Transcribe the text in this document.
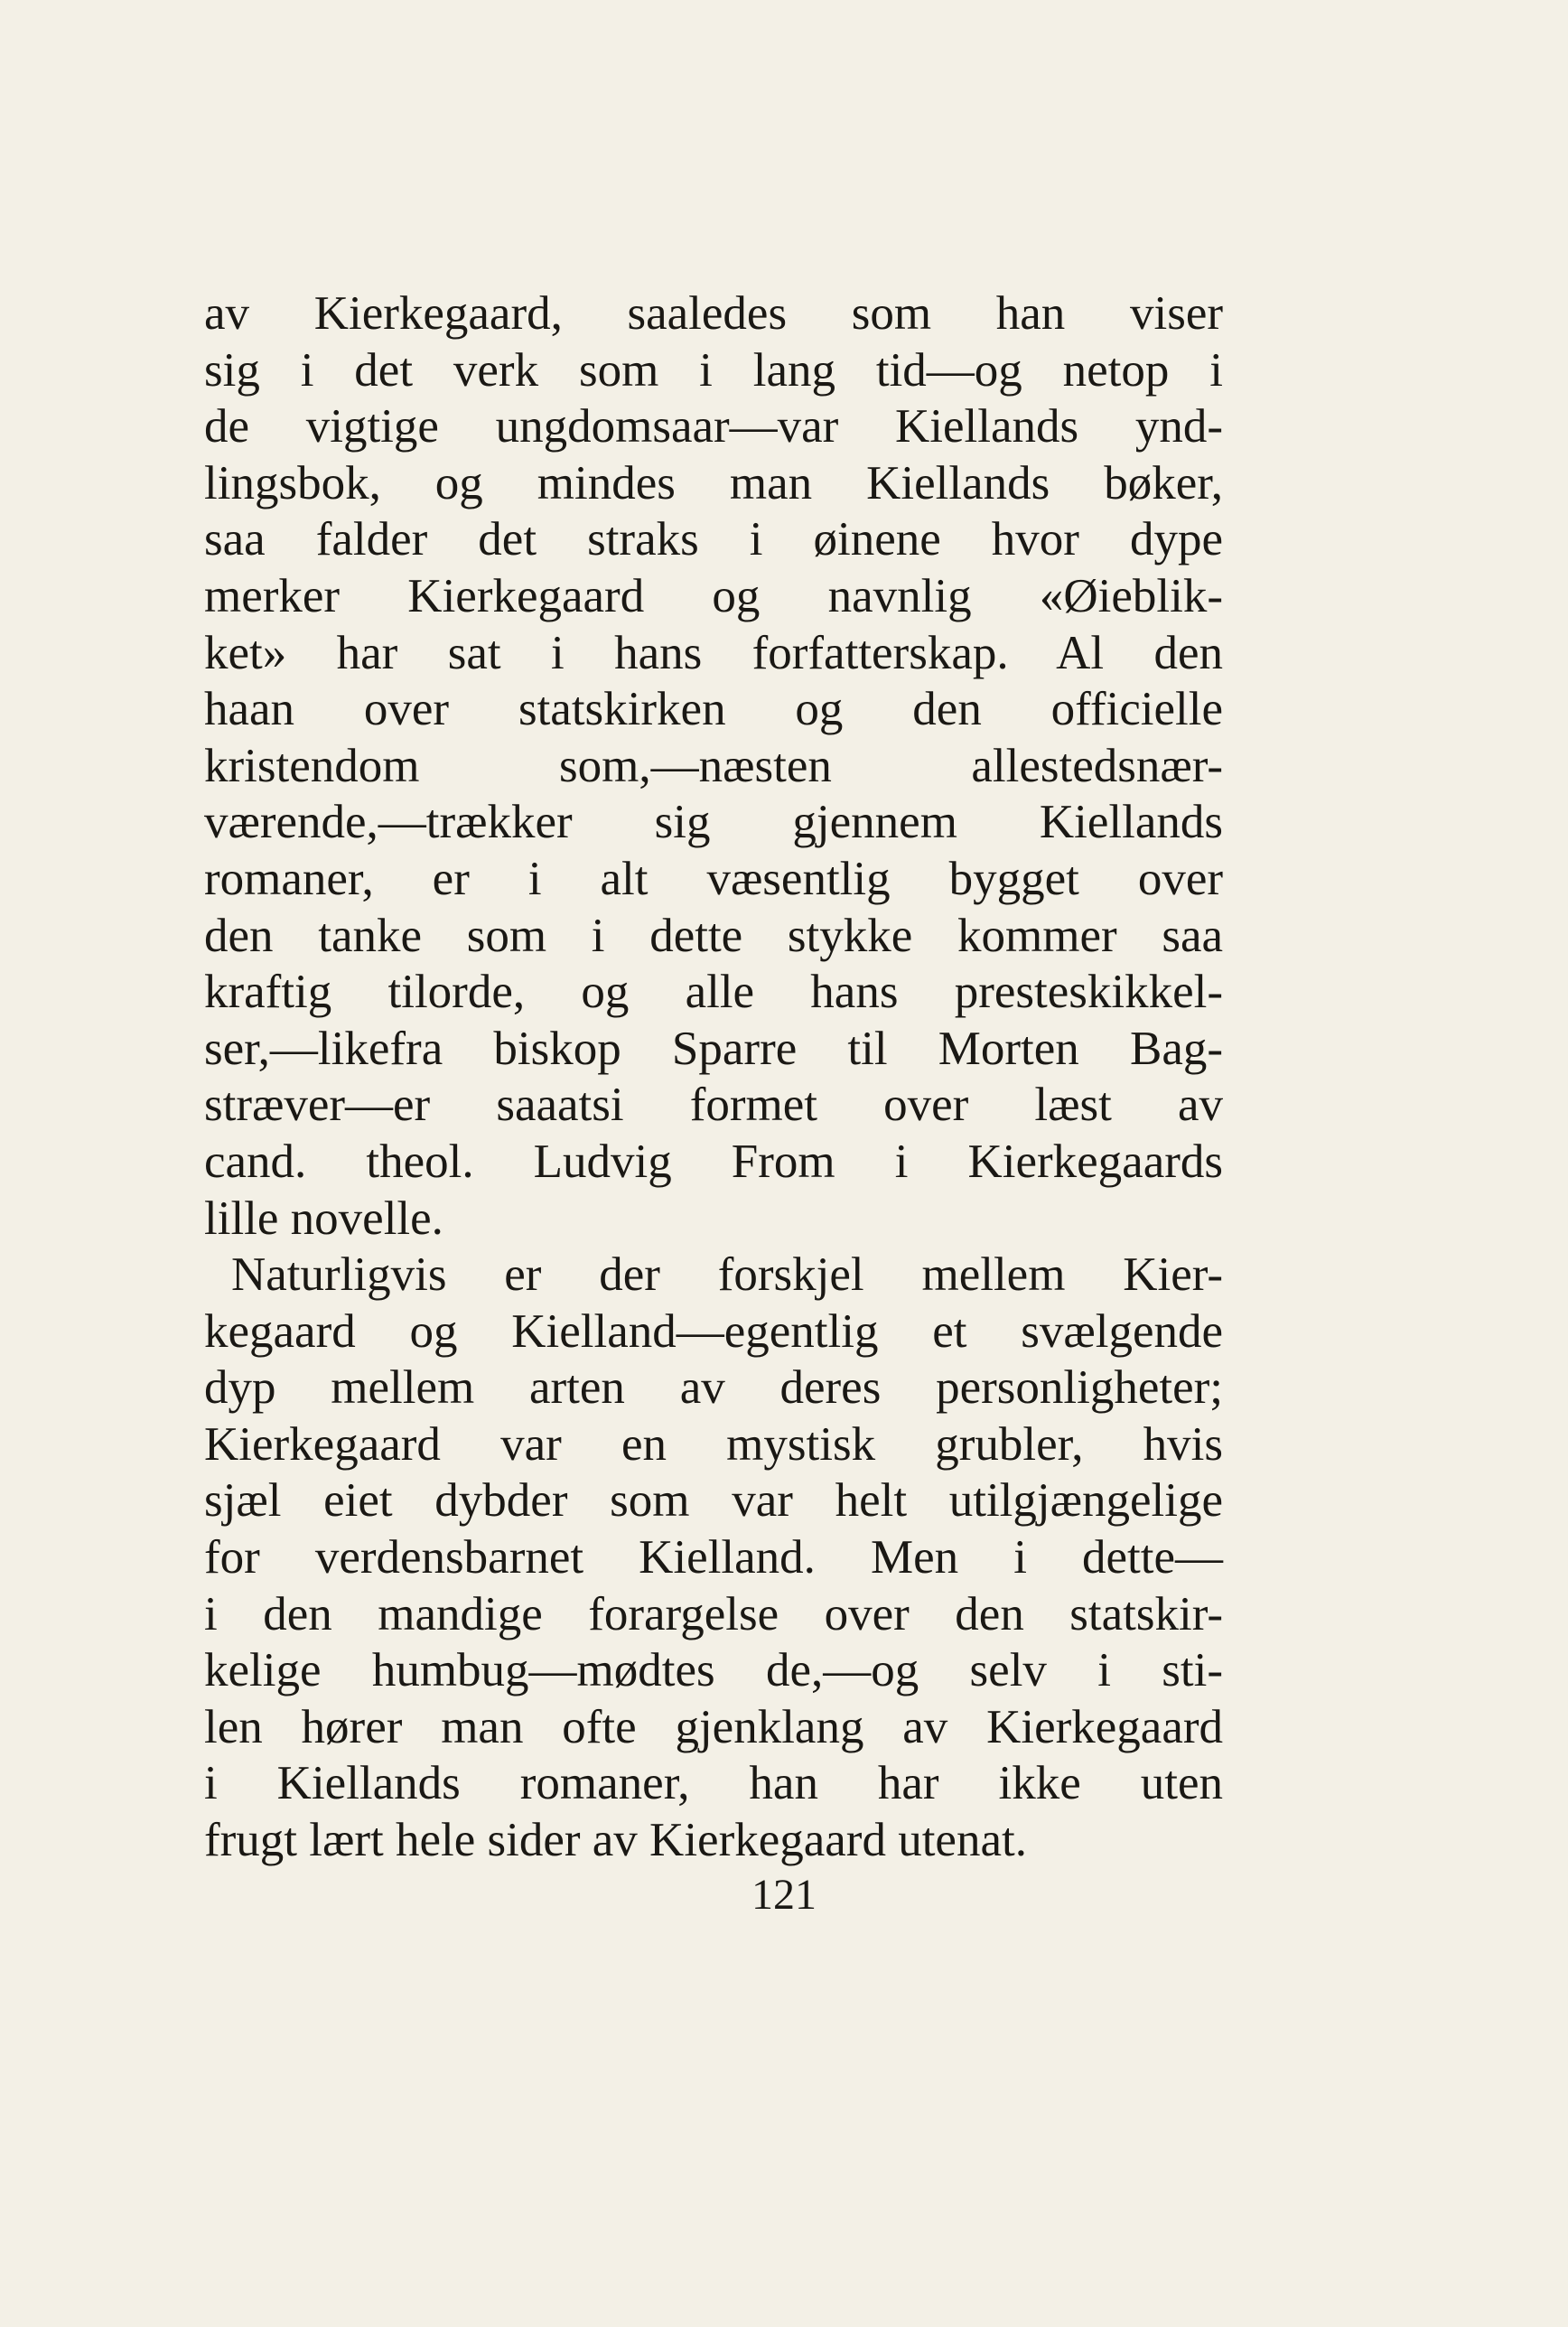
av Kierkegaard, saaledes som han viser
sig i det verk som i lang tid—og netop i
de vigtige ungdomsaar—var Kiellands ynd-
lingsbok, og mindes man Kiellands bøker,
saa falder det straks i øinene hvor dype
merker Kierkegaard og navnlig «Øieblik-
ket» har sat i hans forfatterskap. Al den
haan over statskirken og den officielle
kristendom som,—næsten allestedsnær-
værende,—trækker sig gjennem Kiellands
romaner, er i alt væsentlig bygget over
den tanke som i dette stykke kommer saa
kraftig tilorde, og alle hans presteskikkel-
ser,—likefra biskop Sparre til Morten Bag-
stræver—er saaatsi formet over læst av
cand. theol. Ludvig From i Kierkegaards
lille novelle.
Naturligvis er der forskjel mellem Kier-
kegaard og Kielland—egentlig et svælgende
dyp mellem arten av deres personligheter;
Kierkegaard var en mystisk grubler, hvis
sjæl eiet dybder som var helt utilgjængelige
for verdensbarnet Kielland. Men i dette—
i den mandige forargelse over den statskir-
kelige humbug—mødtes de,—og selv i sti-
len hører man ofte gjenklang av Kierkegaard
i Kiellands romaner, han har ikke uten
frugt lært hele sider av Kierkegaard utenat.
121
